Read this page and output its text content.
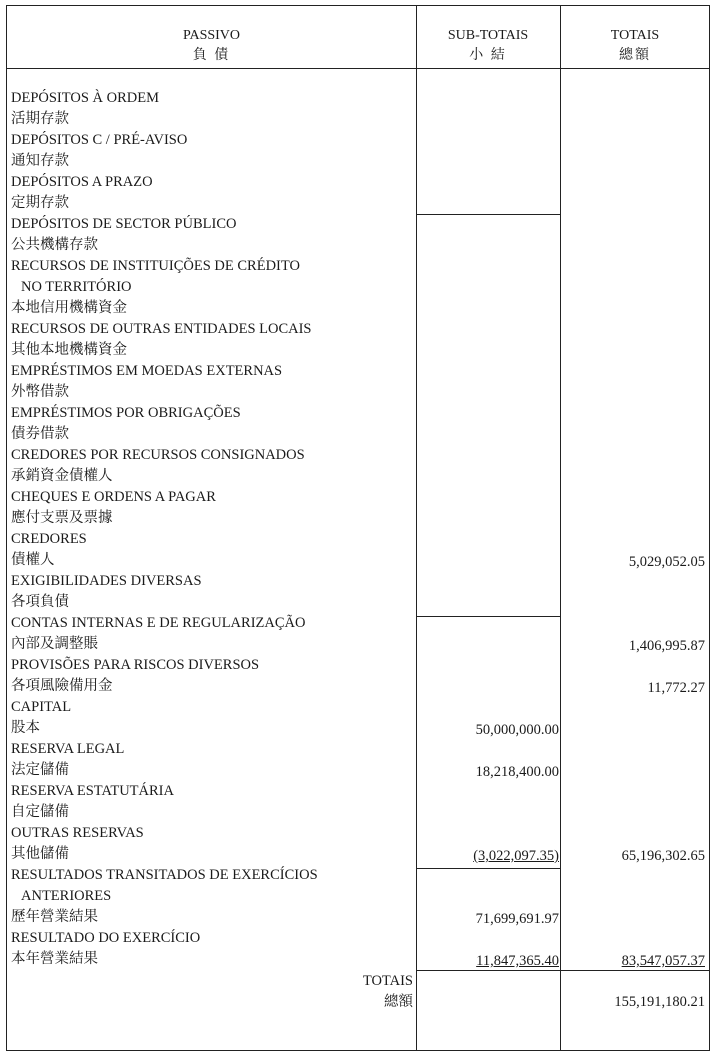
PASSIVO
負 債
SUB-TOTAIS
小 結
TOTAIS
總額
DEPÓSITOS À ORDEM
活期存款
DEPÓSITOS C / PRÉ-AVISO
通知存款
DEPÓSITOS A PRAZO
定期存款
DEPÓSITOS DE SECTOR PÚBLICO
公共機構存款
RECURSOS DE INSTITUIÇÕES DE CRÉDITO
NO TERRITÓRIO
本地信用機構資金
RECURSOS DE OUTRAS ENTIDADES LOCAIS
其他本地機構資金
EMPRÉSTIMOS EM MOEDAS EXTERNAS
外幣借款
EMPRÉSTIMOS POR OBRIGAÇÕES
債券借款
CREDORES POR RECURSOS CONSIGNADOS
承銷資金債權人
CHEQUES E ORDENS A PAGAR
應付支票及票據
CREDORES
債權人
EXIGIBILIDADES DIVERSAS
各項負債
CONTAS INTERNAS E DE REGULARIZAÇÃO
內部及調整賬
PROVISÕES PARA RISCOS DIVERSOS
各項風險備用金
CAPITAL
股本
RESERVA LEGAL
法定儲備
RESERVA ESTATUTÁRIA
自定儲備
OUTRAS RESERVAS
其他儲備
RESULTADOS TRANSITADOS DE EXERCÍCIOS
ANTERIORES
歷年營業結果
RESULTADO DO EXERCÍCIO
本年營業結果
50,000,000.00
18,218,400.00
(3,022,097.35)
71,699,691.97
11,847,365.40
5,029,052.05
1,406,995.87
11,772.27
65,196,302.65
83,547,057.37
155,191,180.21
TOTAIS
總額
